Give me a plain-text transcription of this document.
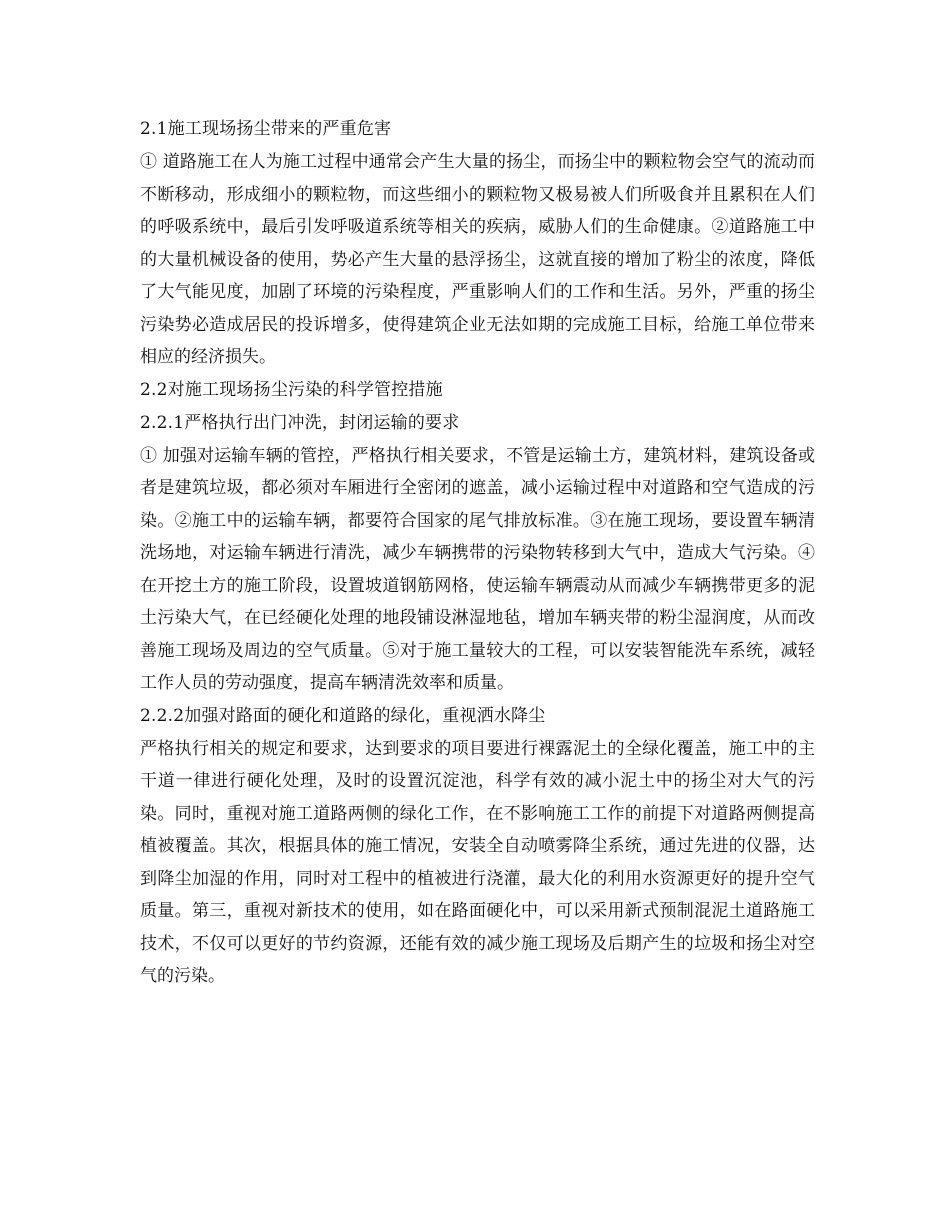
2.1施工现场扬尘带来的严重危害

① 道路施工在人为施工过程中通常会产生大量的扬尘，而扬尘中的颗粒物会空气的流动而不断移动，形成细小的颗粒物，而这些细小的颗粒物又极易被人们所吸食并且累积在人们的呼吸系统中，最后引发呼吸道系统等相关的疾病，威胁人们的生命健康。②道路施工中的大量机械设备的使用，势必产生大量的悬浮扬尘，这就直接的增加了粉尘的浓度，降低了大气能见度，加剧了环境的污染程度，严重影响人们的工作和生活。另外，严重的扬尘污染势必造成居民的投诉增多，使得建筑企业无法如期的完成施工目标，给施工单位带来相应的经济损失。

2.2对施工现场扬尘污染的科学管控措施
2.2.1严格执行出门冲洗，封闭运输的要求

① 加强对运输车辆的管控，严格执行相关要求，不管是运输土方，建筑材料，建筑设备或者是建筑垃圾，都必须对车厢进行全密闭的遮盖，减小运输过程中对道路和空气造成的污染。②施工中的运输车辆，都要符合国家的尾气排放标准。③在施工现场，要设置车辆清洗场地，对运输车辆进行清洗，减少车辆携带的污染物转移到大气中，造成大气污染。④在开挖土方的施工阶段，设置坡道钢筋网格，使运输车辆震动从而减少车辆携带更多的泥土污染大气，在已经硬化处理的地段铺设淋湿地毡，增加车辆夹带的粉尘湿润度，从而改善施工现场及周边的空气质量。⑤对于施工量较大的工程，可以安装智能洗车系统，减轻工作人员的劳动强度，提高车辆清洗效率和质量。

2.2.2加强对路面的硬化和道路的绿化，重视洒水降尘

严格执行相关的规定和要求，达到要求的项目要进行裸露泥土的全绿化覆盖，施工中的主干道一律进行硬化处理，及时的设置沉淀池，科学有效的减小泥土中的扬尘对大气的污染。同时，重视对施工道路两侧的绿化工作，在不影响施工工作的前提下对道路两侧提高植被覆盖。其次，根据具体的施工情况，安装全自动喷雾降尘系统，通过先进的仪器，达到降尘加湿的作用，同时对工程中的植被进行浇灌，最大化的利用水资源更好的提升空气质量。第三，重视对新技术的使用，如在路面硬化中，可以采用新式预制混泥土道路施工技术，不仅可以更好的节约资源，还能有效的减少施工现场及后期产生的垃圾和扬尘对空气的污染。
